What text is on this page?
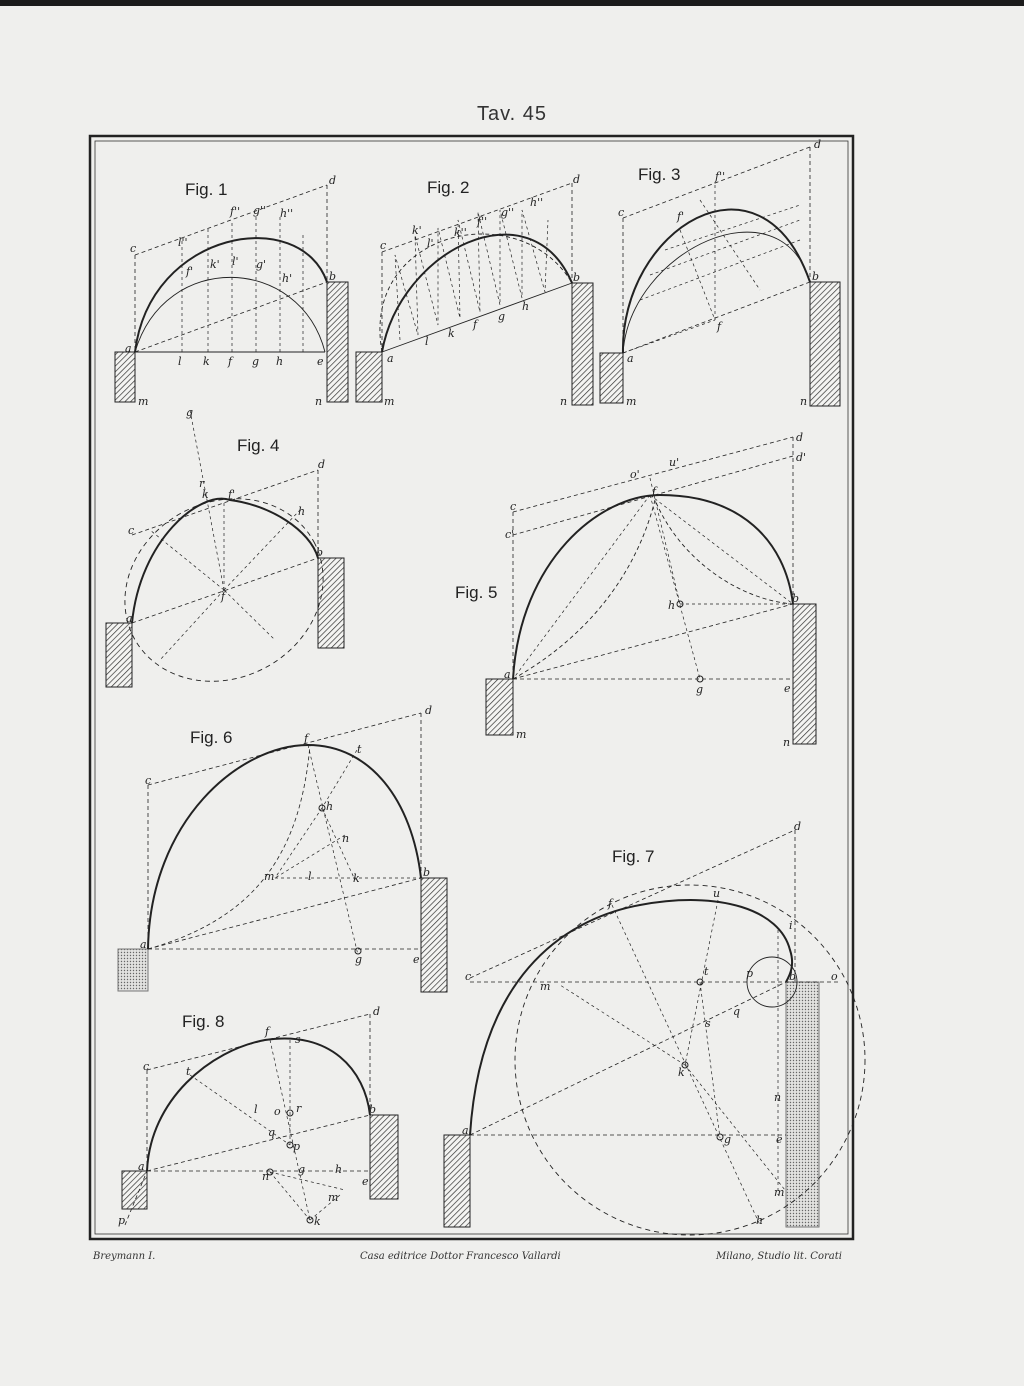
Tav. 45
Fig. 1
a
b
c
d
e
m	n
l k f g h
l''
f'' g'' h''
f'
k' l' g'
h'
Fig. 2
a
b
c
d
m	n
l
k
f
g
h
k'
l'
k''
f''
g''
h''
Fig. 3
a
b
c
d
m	n
f
f'
f''
Fig. 4
a
b
c
d
f
f'
g
h
r
k
Fig. 5
a
b
c
c'
d
d'
e
f
g
h
o'
u'
m
n
Fig. 6
a
b
c
d
e
f
g
h
k
l
m
n
t
Fig. 7
a
b
c
d
e
f
g
h
i
k
m
n
o
p
q
s
t
u
m
Fig. 8
a
b
c
d
e
f
g	h
k
m
n
o
p
q
r
s
t
l
p
Breymann I.	Casa editrice Dottor Francesco Vallardi	Milano, Studio lit. Corati
